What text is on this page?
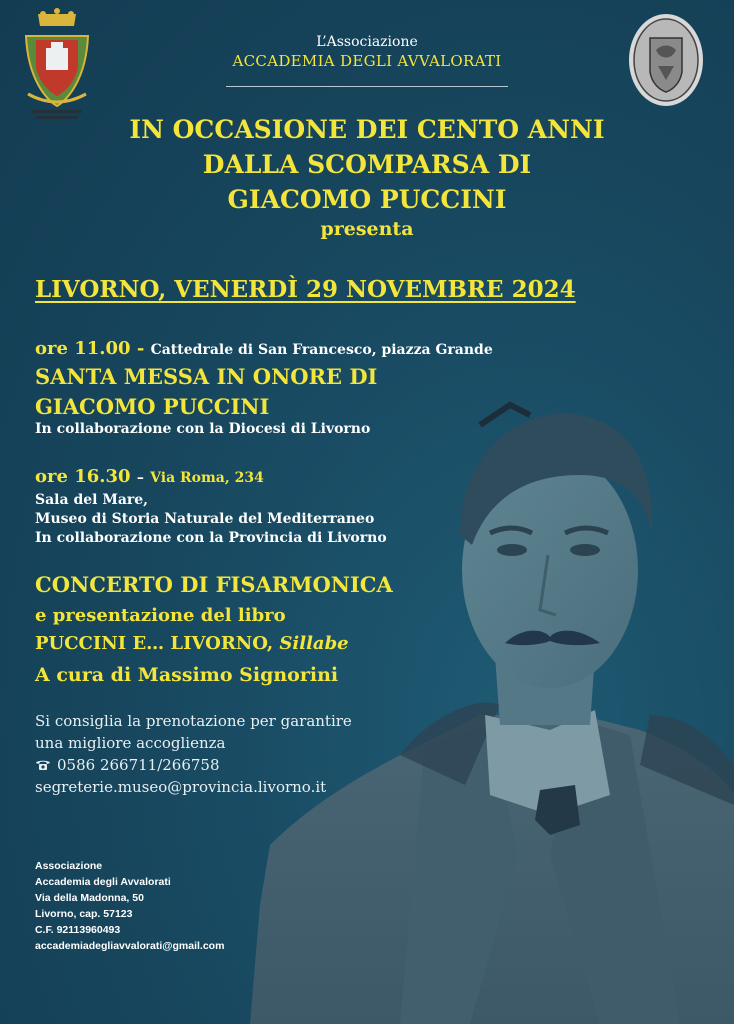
L’Associazione
ACCADEMIA DEGLI AVVALORATI
IN OCCASIONE DEI CENTO ANNI
DALLA SCOMPARSA DI
GIACOMO PUCCINI
presenta
LIVORNO, VENERDÌ 29 NOVEMBRE 2024
ore 11.00 - Cattedrale di San Francesco, piazza Grande
SANTA MESSA IN ONORE DI
GIACOMO PUCCINI
In collaborazione con la Diocesi di Livorno
ore 16.30 – Via Roma, 234
Sala del Mare,
Museo di Storia Naturale del Mediterraneo
In collaborazione con la Provincia di Livorno
CONCERTO DI FISARMONICA
e presentazione del libro
PUCCINI E… LIVORNO, Sillabe
A cura di Massimo Signorini
Si consiglia la prenotazione per garantire
una migliore accoglienza
0586 266711/266758
segreterie.museo@provincia.livorno.it
Associazione
Accademia degli Avvalorati
Via della Madonna, 50
Livorno, cap. 57123
C.F. 92113960493
accademiadegliavvalorati@gmail.com
